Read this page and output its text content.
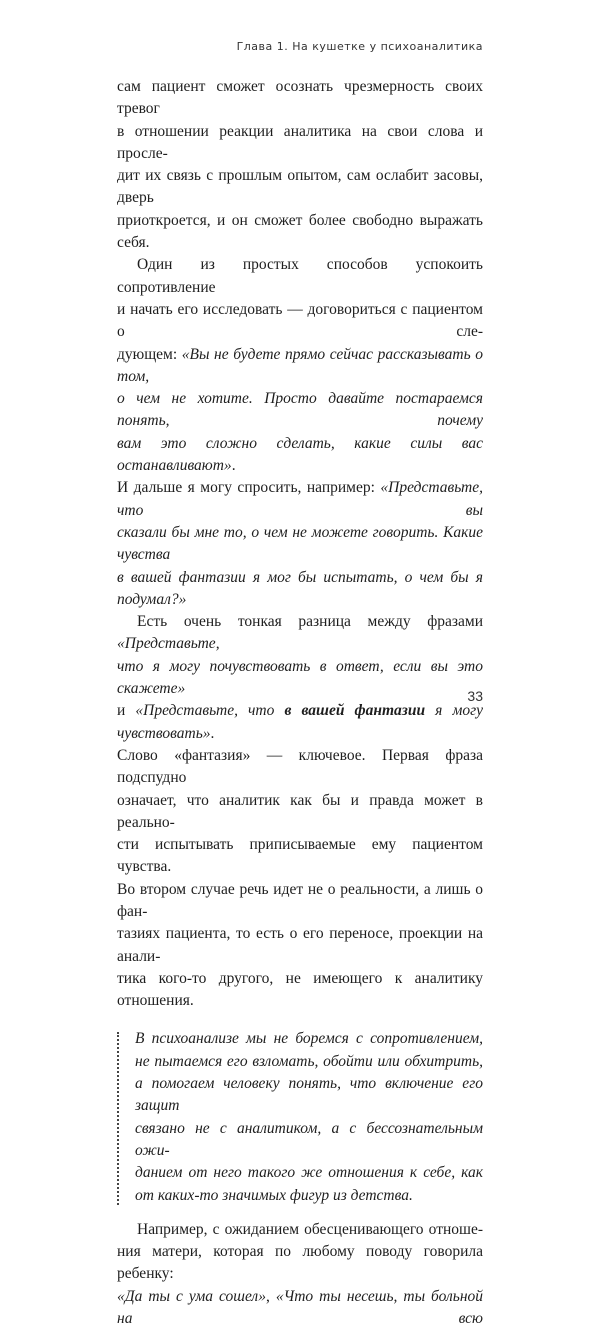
Глава 1. На кушетке у психоаналитика

сам пациент сможет осознать чрезмерность своих тревог

в отношении реакции аналитика на свои слова и просле-

дит их связь с прошлым опытом, сам ослабит засовы, дверь

приоткроется, и он сможет более свободно выражать себя.

Один из простых способов успокоить сопротивление

и начать его исследовать — договориться с пациентом о сле-

дующем: «Вы не будете прямо сейчас рассказывать о том,

о чем не хотите. Просто давайте постараемся понять, почему

вам это сложно сделать, какие силы вас останавливают».

И дальше я могу спросить, например: «Представьте, что вы

сказали бы мне то, о чем не можете говорить. Какие чувства

в вашей фантазии я мог бы испытать, о чем бы я подумал?»

Есть очень тонкая разница между фразами «Представьте,

что я могу почувствовать в ответ, если вы это скажете»

и «Представьте, что в вашей фантазии я могу чувствовать».

Слово «фантазия» — ключевое. Первая фраза подспудно

означает, что аналитик как бы и правда может в реальнo-

сти испытывать приписываемые ему пациентом чувства.

Во втором случае речь идет не о реальности, а лишь о фан-

тазиях пациента, то есть о его переносе, проекции на анали-

тика кого-то другого, не имеющего к аналитику отношения.

В психоанализе мы не боремся с сопротивлением,

не пытаемся его взломать, обойти или обхитрить,

а помогаем человеку понять, что включение его защит

связано не с аналитиком, а с бессознательным ожи-

данием от него такого же отношения к себе, как

от каких-то значимых фигур из детства.

Например, с ожиданием обесценивающего отноше-

ния матери, которая по любому поводу говорила ребенку:

«Да ты с ума сошел», «Что ты несешь, ты больной на всю

33
